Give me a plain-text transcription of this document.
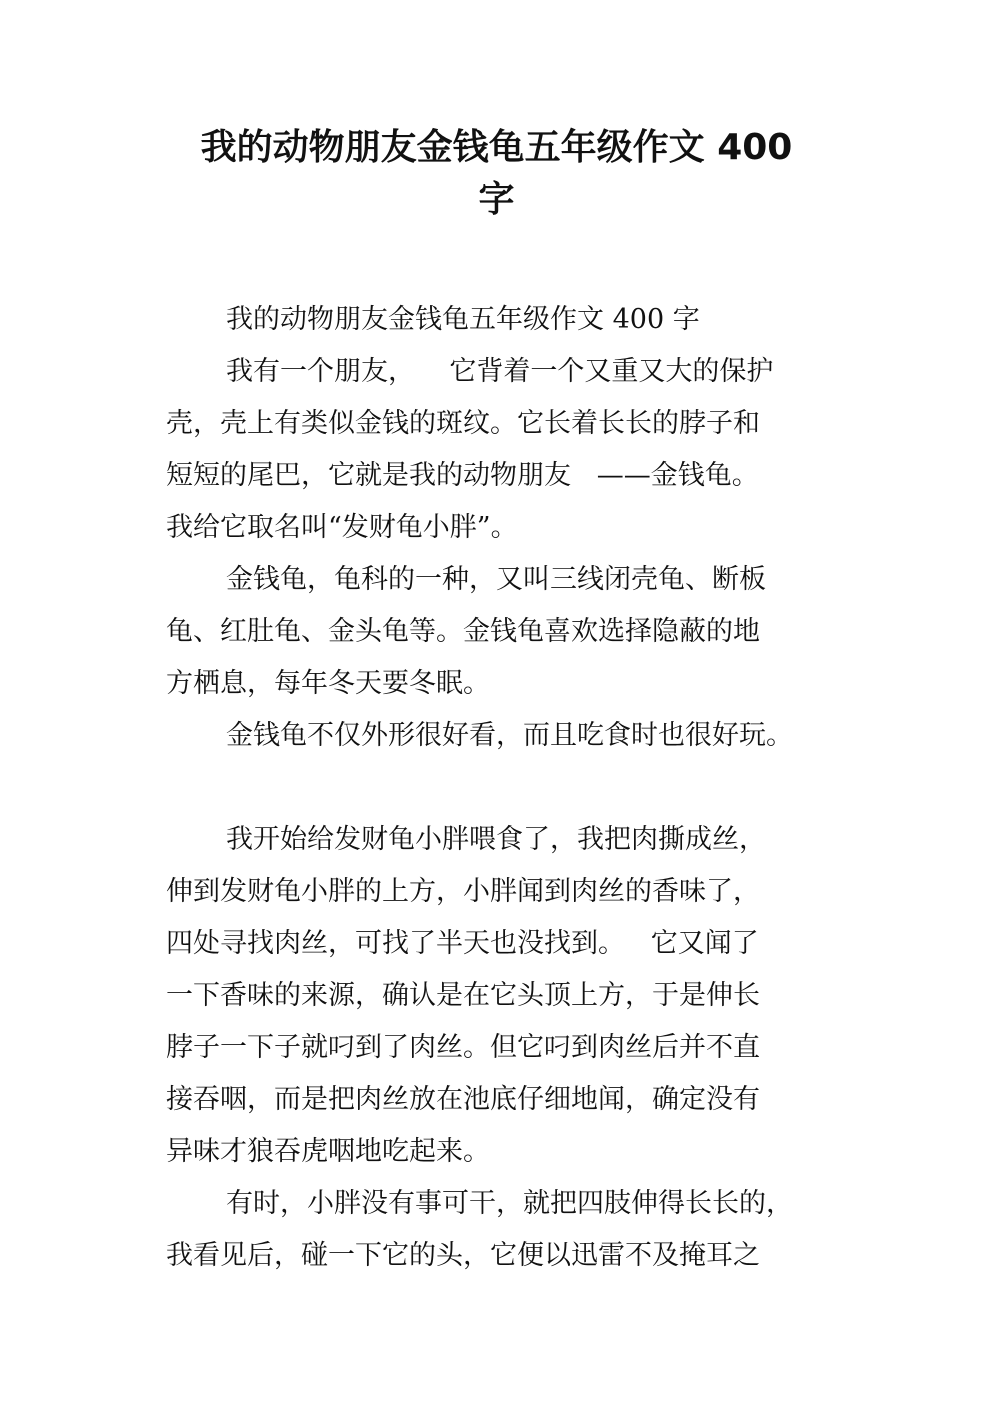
我的动物朋友金钱龟五年级作文 400
字
我的动物朋友金钱龟五年级作文 400 字
我有一个朋友，    它背着一个又重又大的保护
壳，壳上有类似金钱的斑纹。它长着长长的脖子和
短短的尾巴，它就是我的动物朋友   ——金钱龟。
我给它取名叫“发财龟小胖”。
金钱龟，龟科的一种，又叫三线闭壳龟、断板
龟、红肚龟、金头龟等。金钱龟喜欢选择隐蔽的地
方栖息，每年冬天要冬眠。
金钱龟不仅外形很好看，而且吃食时也很好玩。
我开始给发财龟小胖喂食了，我把肉撕成丝，
伸到发财龟小胖的上方，小胖闻到肉丝的香味了，
四处寻找肉丝，可找了半天也没找到。   它又闻了
一下香味的来源，确认是在它头顶上方，于是伸长
脖子一下子就叼到了肉丝。但它叼到肉丝后并不直
接吞咽，而是把肉丝放在池底仔细地闻，确定没有
异味才狼吞虎咽地吃起来。
有时，小胖没有事可干，就把四肢伸得长长的，
我看见后，碰一下它的头，它便以迅雷不及掩耳之
